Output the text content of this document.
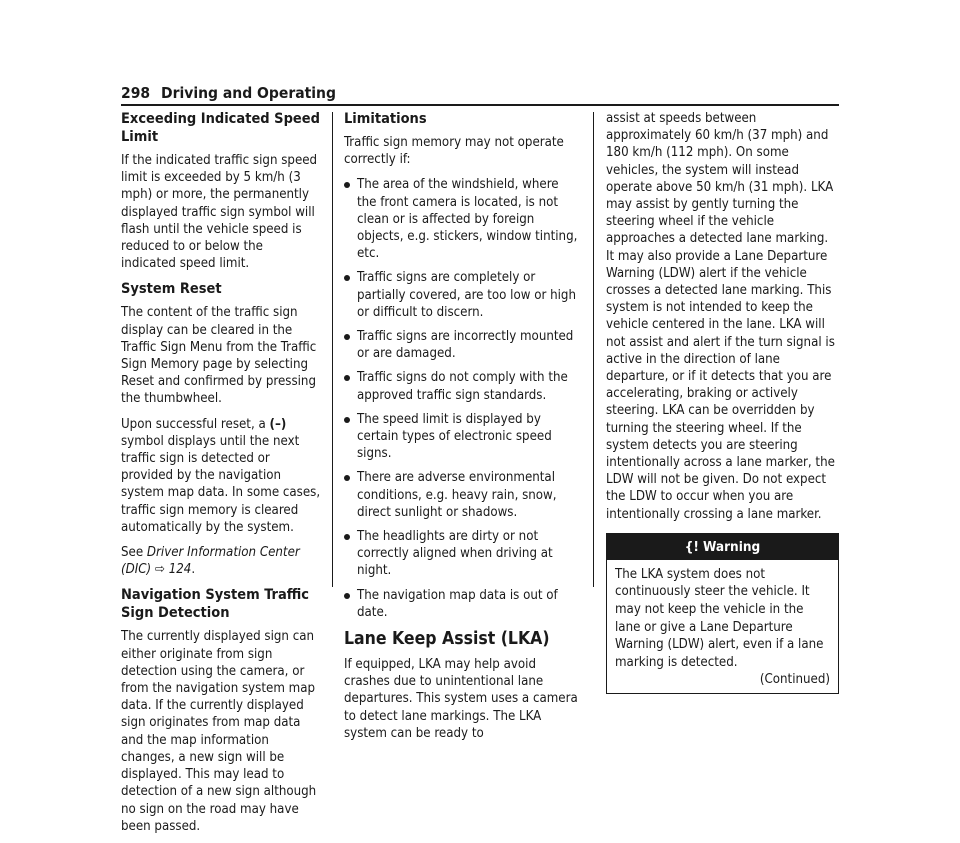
298 Driving and Operating
Exceeding Indicated Speed Limit

If the indicated traffic sign speed limit is exceeded by 5 km/h (3 mph) or more, the permanently displayed traffic sign symbol will flash until the vehicle speed is reduced to or below the indicated speed limit.

System Reset

The content of the traffic sign display can be cleared in the Traffic Sign Menu from the Traffic Sign Memory page by selecting Reset and confirmed by pressing the thumbwheel.

Upon successful reset, a (–) symbol displays until the next traffic sign is detected or provided by the navigation system map data. In some cases, traffic sign memory is cleared automatically by the system.

See Driver Information Center (DIC) ⇨ 124.

Navigation System Traffic Sign Detection

The currently displayed sign can either originate from sign detection using the camera, or from the navigation system map data. If the currently displayed sign originates from map data and the map information changes, a new sign will be displayed. This may lead to detection of a new sign although no sign on the road may have been passed.

Limitations

Traffic sign memory may not operate correctly if:

The area of the windshield, where the front camera is located, is not clean or is affected by foreign objects, e.g. stickers, window tinting, etc.
Traffic signs are completely or partially covered, are too low or high or difficult to discern.
Traffic signs are incorrectly mounted or are damaged.
Traffic signs do not comply with the approved traffic sign standards.
The speed limit is displayed by certain types of electronic speed signs.
There are adverse environmental conditions, e.g. heavy rain, snow, direct sunlight or shadows.
The headlights are dirty or not correctly aligned when driving at night.
The navigation map data is out of date.
Lane Keep Assist (LKA)

If equipped, LKA may help avoid crashes due to unintentional lane departures. This system uses a camera to detect lane markings. The LKA system can be ready to

assist at speeds between approximately 60 km/h (37 mph) and 180 km/h (112 mph). On some vehicles, the system will instead operate above 50 km/h (31 mph). LKA may assist by gently turning the steering wheel if the vehicle approaches a detected lane marking. It may also provide a Lane Departure Warning (LDW) alert if the vehicle crosses a detected lane marking. This system is not intended to keep the vehicle centered in the lane. LKA will not assist and alert if the turn signal is active in the direction of lane departure, or if it detects that you are accelerating, braking or actively steering. LKA can be overridden by turning the steering wheel. If the system detects you are steering intentionally across a lane marker, the LDW will not be given. Do not expect the LDW to occur when you are intentionally crossing a lane marker.

{! Warning
The LKA system does not continuously steer the vehicle. It may not keep the vehicle in the lane or give a Lane Departure Warning (LDW) alert, even if a lane marking is detected.
(Continued)
